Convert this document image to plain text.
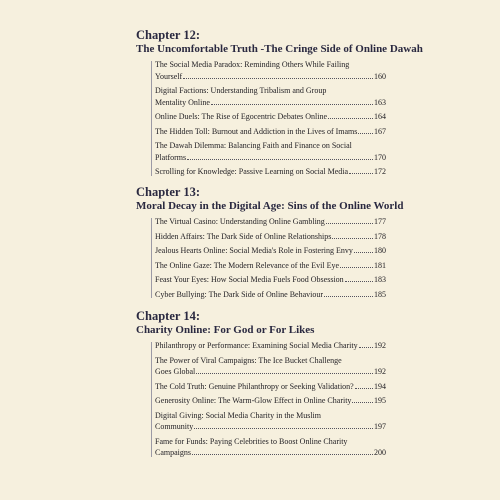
Chapter 12:
The Uncomfortable Truth -The Cringe Side of Online Dawah
The Social Media Paradox: Reminding Others While Failing
Yourself	160
Digital Factions: Understanding Tribalism and Group
Mentality Online	163
Online Duels: The Rise of Egocentric Debates Online	164
The Hidden Toll: Burnout and Addiction in the Lives of Imams 167
The Dawah Dilemma: Balancing Faith and Finance on Social
Platforms	170
Scrolling for Knowledge: Passive Learning on Social Media	172
Chapter 13:
Moral Decay in the Digital Age: Sins of the Online World
The Virtual Casino: Understanding Online Gambling	177
Hidden Affairs: The Dark Side of Online Relationships	178
Jealous Hearts Online: Social Media's Role in Fostering Envy	180
The Online Gaze: The Modern Relevance of the Evil Eye	181
Feast Your Eyes: How Social Media Fuels Food Obsession	183
Cyber Bullying: The Dark Side of Online Behaviour	185
Chapter 14:
Charity Online: For God or For Likes
Philanthropy or Performance: Examining Social Media Charity 192
The Power of Viral Campaigns: The Ice Bucket Challenge
Goes Global	192
The Cold Truth: Genuine Philanthropy or Seeking Validation?	194
Generosity Online: The Warm-Glow Effect in Online Charity	195
Digital Giving: Social Media Charity in the Muslim
Community	197
Fame for Funds: Paying Celebrities to Boost Online Charity
Campaigns	200
